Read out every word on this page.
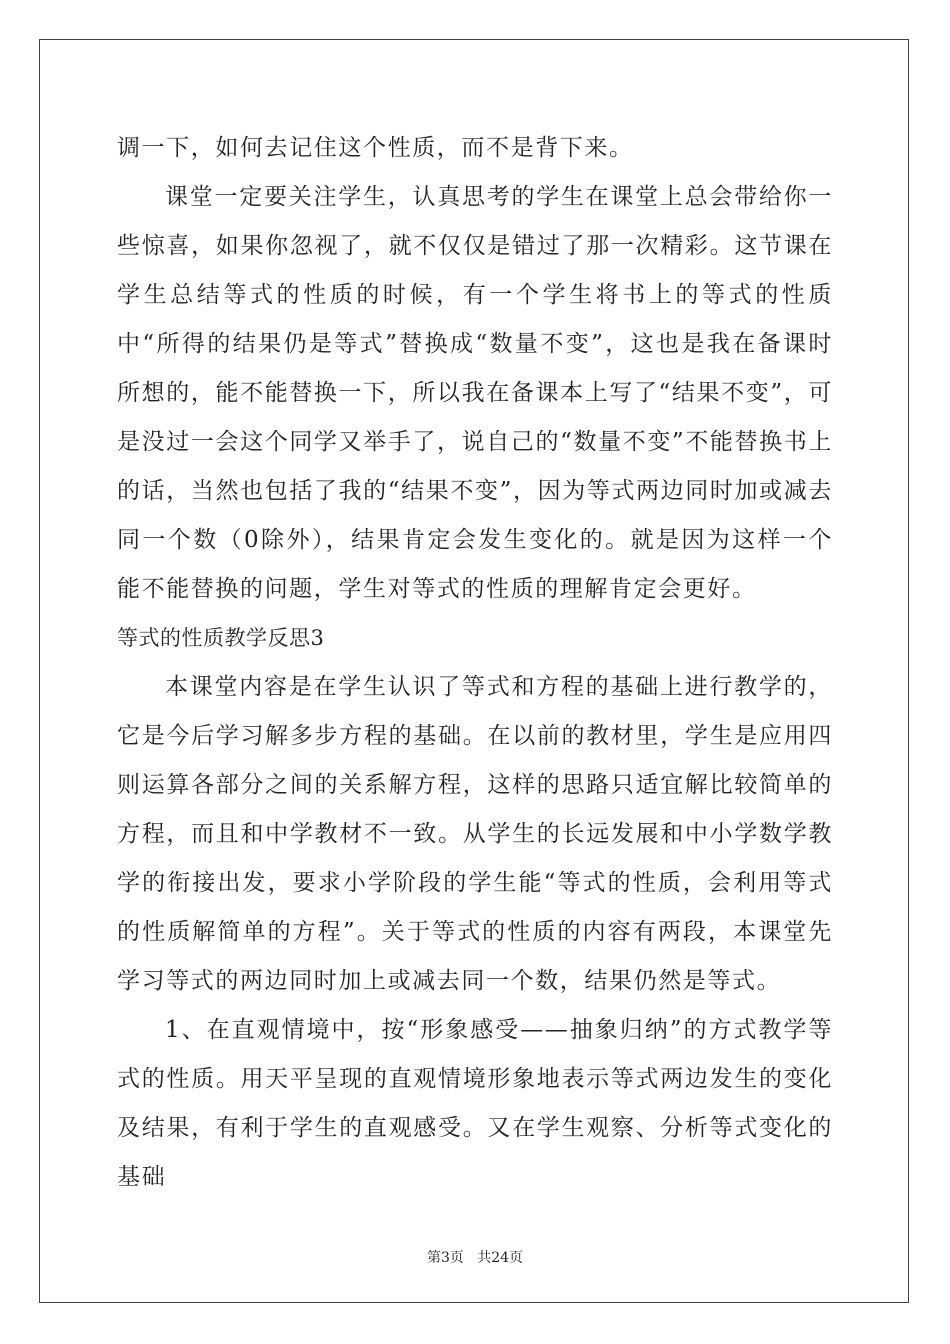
调一下，如何去记住这个性质，而不是背下来。

课堂一定要关注学生，认真思考的学生在课堂上总会带给你一些惊喜，如果你忽视了，就不仅仅是错过了那一次精彩。这节课在学生总结等式的性质的时候，有一个学生将书上的等式的性质中“所得的结果仍是等式”替换成“数量不变”，这也是我在备课时所想的，能不能替换一下，所以我在备课本上写了“结果不变”，可是没过一会这个同学又举手了，说自己的“数量不变”不能替换书上的话，当然也包括了我的“结果不变”，因为等式两边同时加或减去同一个数（0除外），结果肯定会发生变化的。就是因为这样一个能不能替换的问题，学生对等式的性质的理解肯定会更好。

等式的性质教学反思3

本课堂内容是在学生认识了等式和方程的基础上进行教学的，它是今后学习解多步方程的基础。在以前的教材里，学生是应用四则运算各部分之间的关系解方程，这样的思路只适宜解比较简单的方程，而且和中学教材不一致。从学生的长远发展和中小学数学教学的衔接出发，要求小学阶段的学生能“等式的性质，会利用等式的性质解简单的方程”。关于等式的性质的内容有两段，本课堂先学习等式的两边同时加上或减去同一个数，结果仍然是等式。

1、在直观情境中，按“形象感受——抽象归纳”的方式教学等式的性质。用天平呈现的直观情境形象地表示等式两边发生的变化及结果，有利于学生的直观感受。又在学生观察、分析等式变化的基础

第3页   共24页
